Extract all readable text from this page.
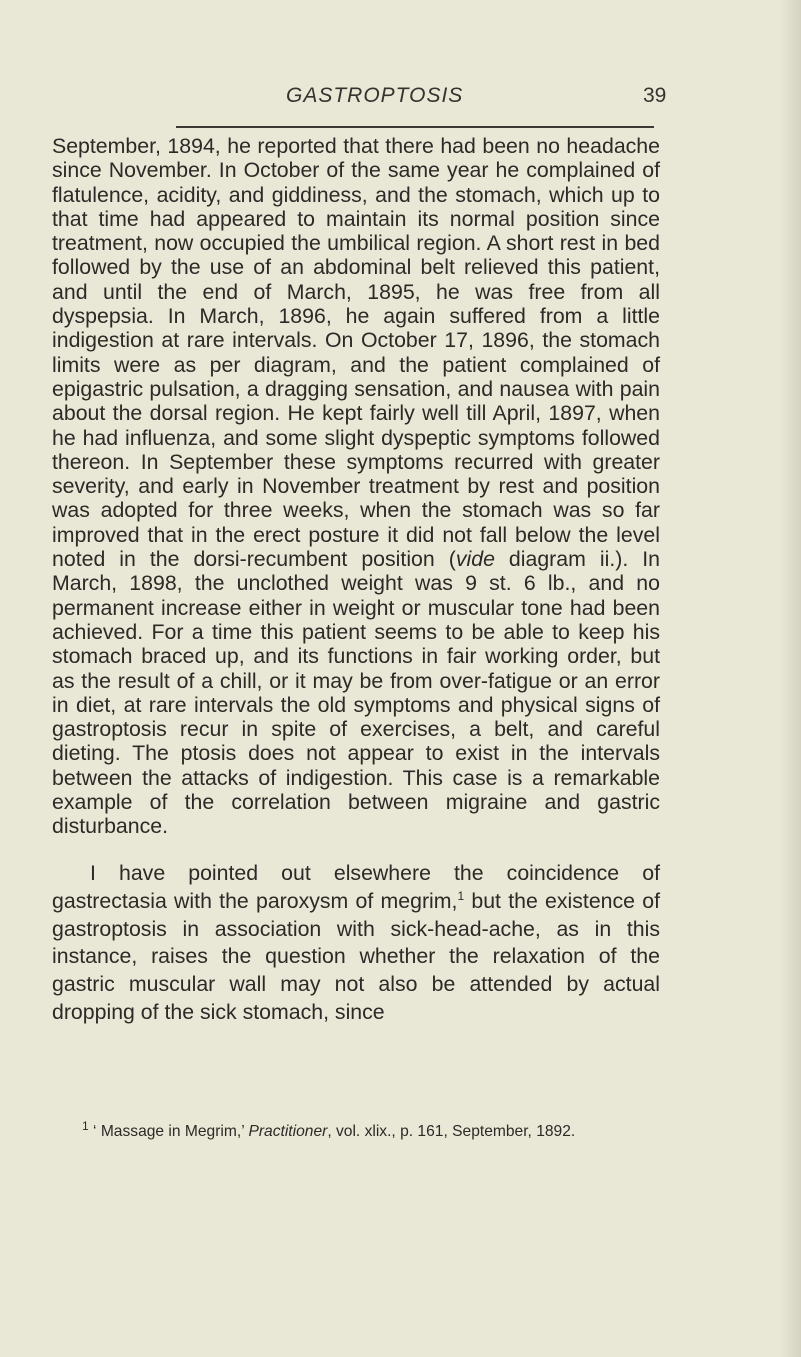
GASTROPTOSIS	39

September, 1894, he reported that there had been no headache since November. In October of the same year he complained of flatulence, acidity, and giddiness, and the stomach, which up to that time had appeared to maintain its normal position since treatment, now occupied the umbilical region. A short rest in bed followed by the use of an abdominal belt relieved this patient, and until the end of March, 1895, he was free from all dyspepsia. In March, 1896, he again suffered from a little indigestion at rare intervals. On October 17, 1896, the stomach limits were as per diagram, and the patient complained of epigastric pulsation, a dragging sensation, and nausea with pain about the dorsal region. He kept fairly well till April, 1897, when he had influenza, and some slight dyspeptic symptoms followed thereon. In September these symptoms recurred with greater severity, and early in November treatment by rest and position was adopted for three weeks, when the stomach was so far improved that in the erect posture it did not fall below the level noted in the dorsi-recumbent position (vide diagram ii.). In March, 1898, the unclothed weight was 9 st. 6 lb., and no permanent increase either in weight or muscular tone had been achieved. For a time this patient seems to be able to keep his stomach braced up, and its functions in fair working order, but as the result of a chill, or it may be from over-fatigue or an error in diet, at rare intervals the old symptoms and physical signs of gastroptosis recur in spite of exercises, a belt, and careful dieting. The ptosis does not appear to exist in the intervals between the attacks of indigestion. This case is a remarkable example of the correlation between migraine and gastric disturbance.

I have pointed out elsewhere the coincidence of gastrectasia with the paroxysm of megrim,$^1$ but the existence of gastroptosis in association with sick-head-ache, as in this instance, raises the question whether the relaxation of the gastric muscular wall may not also be attended by actual dropping of the sick stomach, since

$^1$ ‘ Massage in Megrim,’ Practitioner, vol. xlix., p. 161, September, 1892.
